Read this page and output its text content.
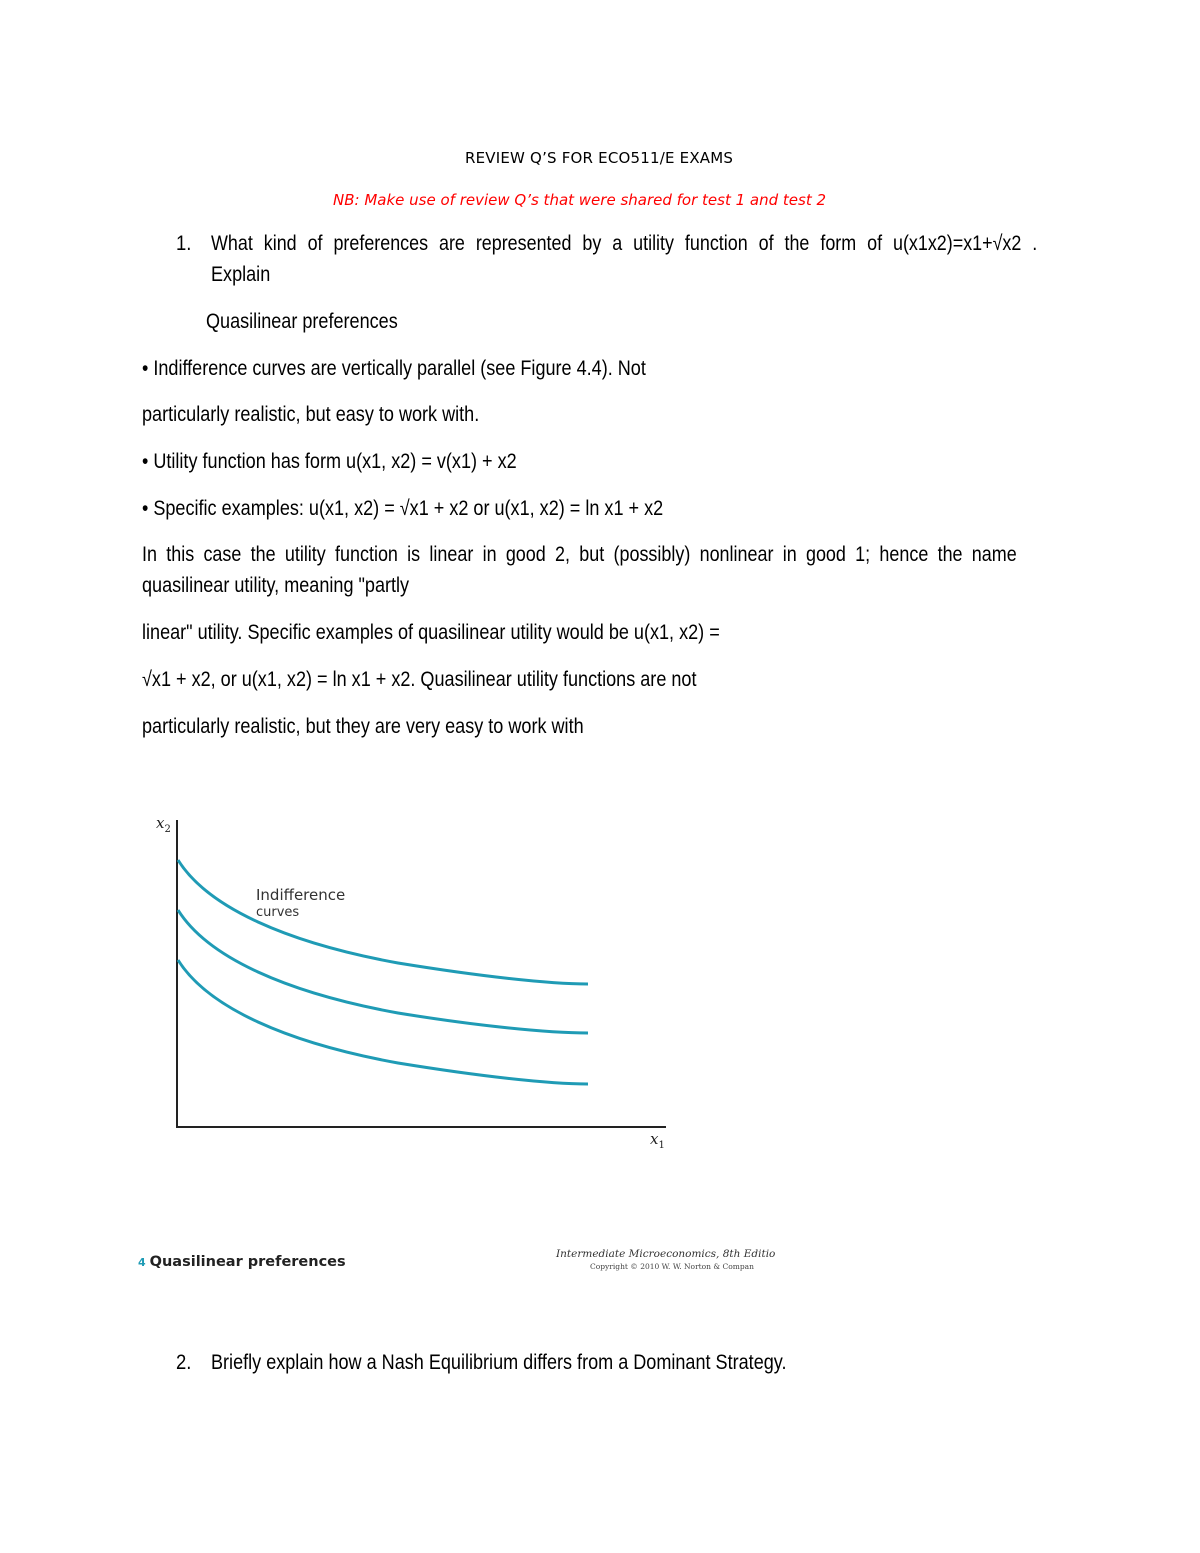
REVIEW Q’S FOR ECO511/E EXAMS
NB: Make use of review Q’s that were shared for test 1 and test 2
1. What kind of preferences are represented by a utility function of the form of u(x1x2)=x1+√x2 .
Explain
Quasilinear preferences
• Indifference curves are vertically parallel (see Figure 4.4). Not
particularly realistic, but easy to work with.
• Utility function has form u(x1, x2) = v(x1) + x2
• Specific examples: u(x1, x2) = √x1 + x2 or u(x1, x2) = ln x1 + x2
In this case the utility function is linear in good 2, but (possibly) nonlinear in good 1; hence the name
quasilinear utility, meaning "partly
linear" utility. Specific examples of quasilinear utility would be u(x1, x2) =
√x1 + x2, or u(x1, x2) = ln x1 + x2. Quasilinear utility functions are not
particularly realistic, but they are very easy to work with
$x_2$
$x_1$
Indifference
curves
4 Quasilinear preferences	Intermediate Microeconomics, 8th Editio
Copyright © 2010 W. W. Norton & Compan
2. Briefly explain how a Nash Equilibrium differs from a Dominant Strategy.
